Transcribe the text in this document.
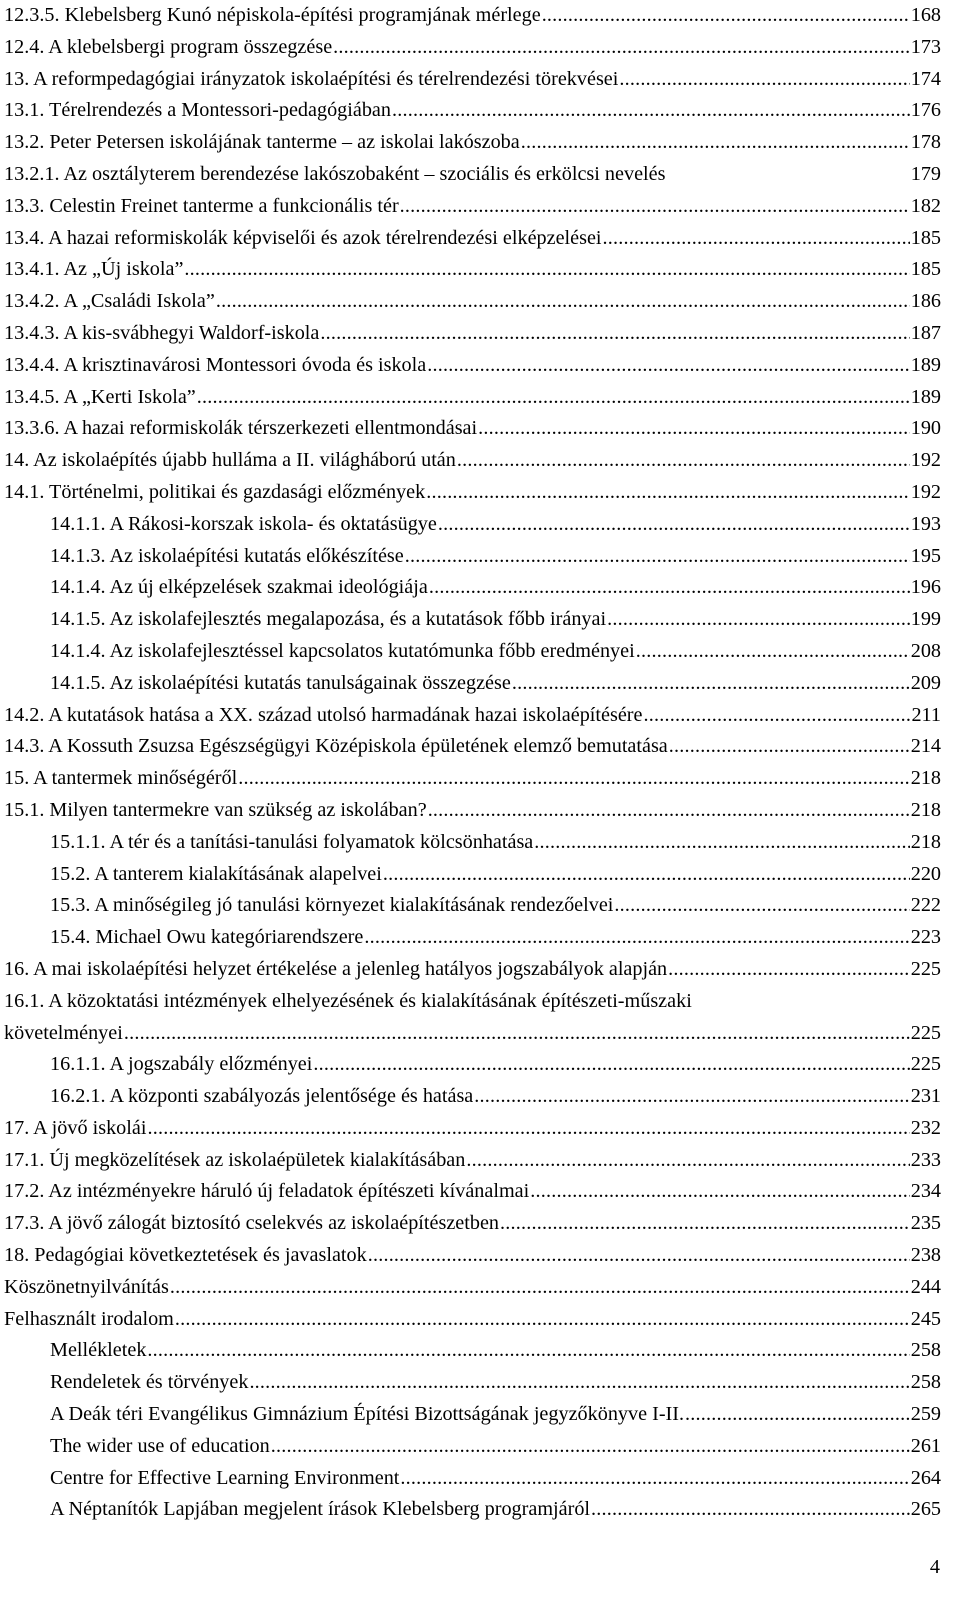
12.3.5. Klebelsberg Kunó népiskola-építési programjának mérlege .....	168
12.4. A klebelsbergi program összegzése .....	173
13. A reformpedagógiai irányzatok iskolaépítési és térelrendezési törekvései .....	174
13.1. Térelrendezés a Montessori-pedagógiában .....	176
13.2. Peter Petersen iskolájának tanterme – az iskolai lakószoba .....	178
13.2.1. Az osztályterem berendezése lakószobaként – szociális és erkölcsi nevelés	179
13.3. Celestin Freinet tanterme a funkcionális tér .....	182
13.4. A hazai reformiskolák képviselői és azok térelrendezési elképzelései .....	185
13.4.1. Az „Új iskola” .....	185
13.4.2. A „Családi Iskola” .....	186
13.4.3. A kis-svábhegyi Waldorf-iskola .....	187
13.4.4. A krisztinavárosi Montessori óvoda és iskola .....	189
13.4.5. A „Kerti Iskola” .....	189
13.3.6. A hazai reformiskolák térszerkezeti ellentmondásai .....	190
14. Az iskolaépítés újabb hulláma a II. világháború után .....	192
14.1. Történelmi, politikai és gazdasági előzmények .....	192
14.1.1. A Rákosi-korszak iskola- és oktatásügye .....	193
14.1.3. Az iskolaépítési kutatás előkészítése .....	195
14.1.4. Az új elképzelések szakmai ideológiája .....	196
14.1.5. Az iskolafejlesztés megalapozása, és a kutatások főbb irányai .....	199
14.1.4. Az iskolafejlesztéssel kapcsolatos kutatómunka főbb eredményei .....	208
14.1.5. Az iskolaépítési kutatás tanulságainak összegzése .....	209
14.2. A kutatások hatása a XX. század utolsó harmadának hazai iskolaépítésére .....	211
14.3. A Kossuth Zsuzsa Egészségügyi Középiskola épületének elemző bemutatása .....	214
15. A tantermek minőségéről .....	218
15.1. Milyen tantermekre van szükség az iskolában? .....	218
15.1.1. A tér és a tanítási-tanulási folyamatok kölcsönhatása .....	218
15.2. A tanterem kialakításának alapelvei .....	220
15.3. A minőségileg jó tanulási környezet kialakításának rendezőelvei .....	222
15.4. Michael Owu kategóriarendszere .....	223
16. A mai iskolaépítési helyzet értékelése a jelenleg hatályos jogszabályok alapján .....	225
16.1. A közoktatási intézmények elhelyezésének és kialakításának építészeti-műszaki
követelményei .....	225
16.1.1. A jogszabály előzményei .....	225
16.2.1. A központi szabályozás jelentősége és hatása .....	231
17. A jövő iskolái .....	232
17.1. Új megközelítések az iskolaépületek kialakításában .....	233
17.2. Az intézményekre háruló új feladatok építészeti kívánalmai .....	234
17.3. A jövő zálogát biztosító cselekvés az iskolaépítészetben .....	235
18. Pedagógiai következtetések és javaslatok .....	238
Köszönetnyilvánítás .....	244
Felhasznált irodalom .....	245
Mellékletek .....	258
Rendeletek és törvények .....	258
A Deák téri Evangélikus Gimnázium Építési Bizottságának jegyzőkönyve I-II. .....	259
The wider use of education .....	261
Centre for Effective Learning Environment .....	264
A Néptanítók Lapjában megjelent írások Klebelsberg programjáról .....	265
4
